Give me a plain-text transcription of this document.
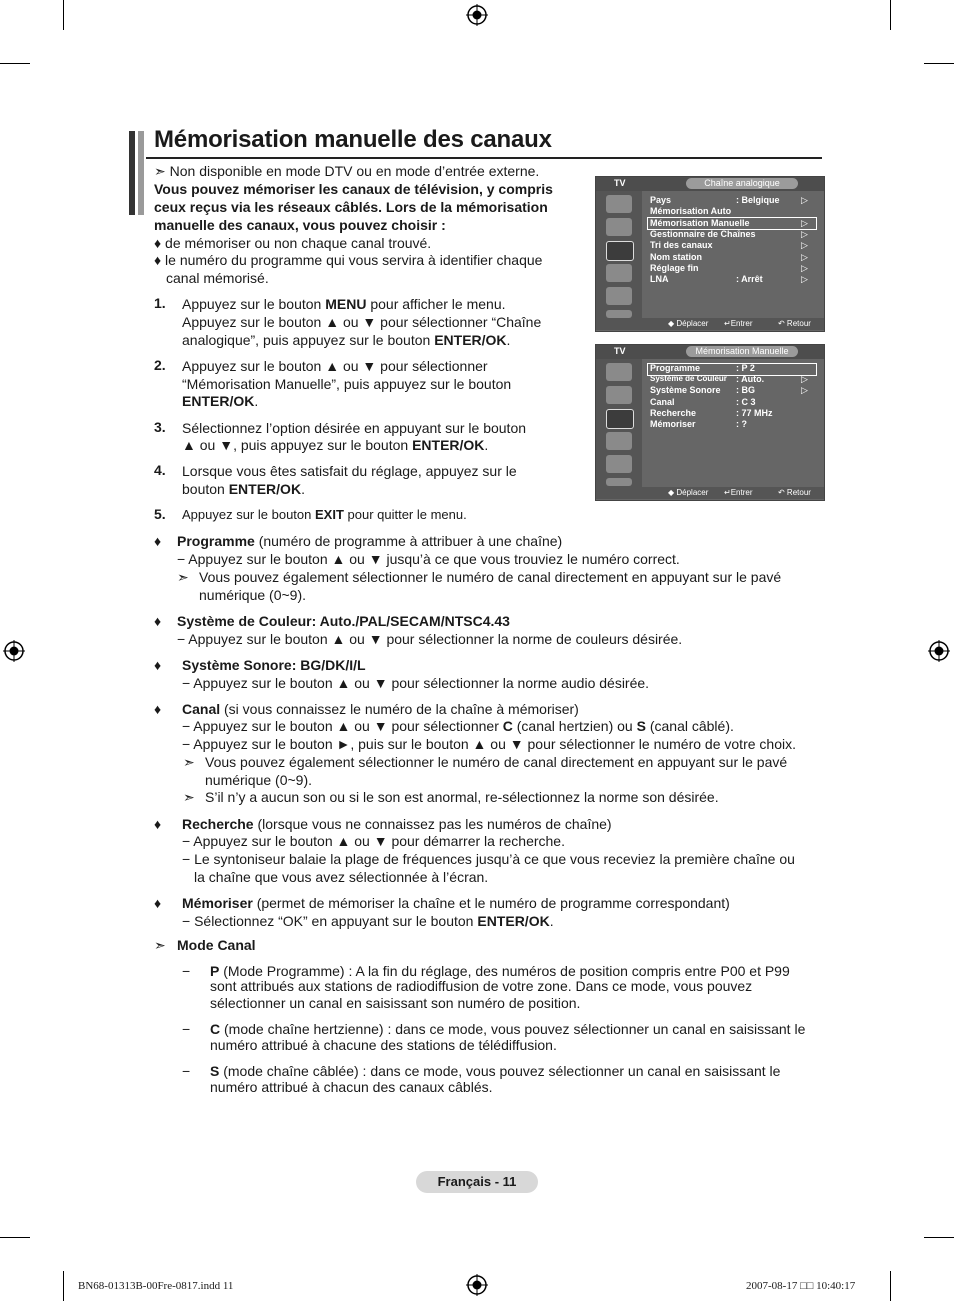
Mémorisation manuelle des canaux
➣ Non disponible en mode DTV ou en mode d’entrée externe.
Vous pouvez mémoriser les canaux de télévision, y compris
ceux reçus via les réseaux câblés. Lors de la mémorisation
manuelle des canaux, vous pouvez choisir :
♦ de mémoriser ou non chaque canal trouvé.
♦ le numéro du programme qui vous servira à identifier chaque
canal mémorisé.
1. Appuyez sur le bouton MENU pour afficher le menu.
Appuyez sur le bouton ▲ ou ▼ pour sélectionner “Chaîne
analogique”, puis appuyez sur le bouton ENTER/OK.
2. Appuyez sur le bouton ▲ ou ▼ pour sélectionner
“Mémorisation Manuelle”, puis appuyez sur le bouton
ENTER/OK.
3. Sélectionnez l’option désirée en appuyant sur le bouton
▲ ou ▼, puis appuyez sur le bouton ENTER/OK.
4. Lorsque vous êtes satisfait du réglage, appuyez sur le
bouton ENTER/OK.
5. Appuyez sur le bouton EXIT pour quitter le menu.
TV	Chaîne analogique
Pays	: Belgique ▷
Mémorisation Auto
Mémorisation Manuelle	▷
Gestionnaire de Chaînes	▷
Tri des canaux	▷
Nom station	▷
Réglage fin	▷
LNA	: Arrêt	▷
◆ Déplacer ↵Entrer	↶ Retour
TV	Mémorisation Manuelle
Programme	: P 2
Système de Couleur : Auto.	▷
Système Sonore : BG	▷
Canal	: C 3
Recherche	: 77 MHz
Mémoriser	: ?
◆ Déplacer ↵Entrer	↶ Retour
♦ Programme (numéro de programme à attribuer à une chaîne)
− Appuyez sur le bouton ▲ ou ▼ jusqu’à ce que vous trouviez le numéro correct.
➣ Vous pouvez également sélectionner le numéro de canal directement en appuyant sur le pavé
numérique (0~9).
♦ Système de Couleur: Auto./PAL/SECAM/NTSC4.43
− Appuyez sur le bouton ▲ ou ▼ pour sélectionner la norme de couleurs désirée.
♦ Système Sonore: BG/DK/I/L
− Appuyez sur le bouton ▲ ou ▼ pour sélectionner la norme audio désirée.
♦ Canal (si vous connaissez le numéro de la chaîne à mémoriser)
− Appuyez sur le bouton ▲ ou ▼ pour sélectionner C (canal hertzien) ou S (canal câblé).
− Appuyez sur le bouton ►, puis sur le bouton ▲ ou ▼ pour sélectionner le numéro de votre choix.
➣ Vous pouvez également sélectionner le numéro de canal directement en appuyant sur le pavé
numérique (0~9).
➣ S’il n’y a aucun son ou si le son est anormal, re-sélectionnez la norme son désirée.
♦ Recherche (lorsque vous ne connaissez pas les numéros de chaîne)
− Appuyez sur le bouton ▲ ou ▼ pour démarrer la recherche.
− Le syntoniseur balaie la plage de fréquences jusqu’à ce que vous receviez la première chaîne ou
la chaîne que vous avez sélectionnée à l’écran.
♦ Mémoriser (permet de mémoriser la chaîne et le numéro de programme correspondant)
− Sélectionnez “OK” en appuyant sur le bouton ENTER/OK.
➣ Mode Canal
− P (Mode Programme) : A la fin du réglage, des numéros de position compris entre P00 et P99
sont attribués aux stations de radiodiffusion de votre zone. Dans ce mode, vous pouvez
sélectionner un canal en saisissant son numéro de position.
− C (mode chaîne hertzienne) : dans ce mode, vous pouvez sélectionner un canal en saisissant le
numéro attribué à chacune des stations de télédiffusion.
− S (mode chaîne câblée) : dans ce mode, vous pouvez sélectionner un canal en saisissant le
numéro attribué à chacun des canaux câblés.
Français - 11
BN68-01313B-00Fre-0817.indd 11	2007-08-17 □□ 10:40:17
